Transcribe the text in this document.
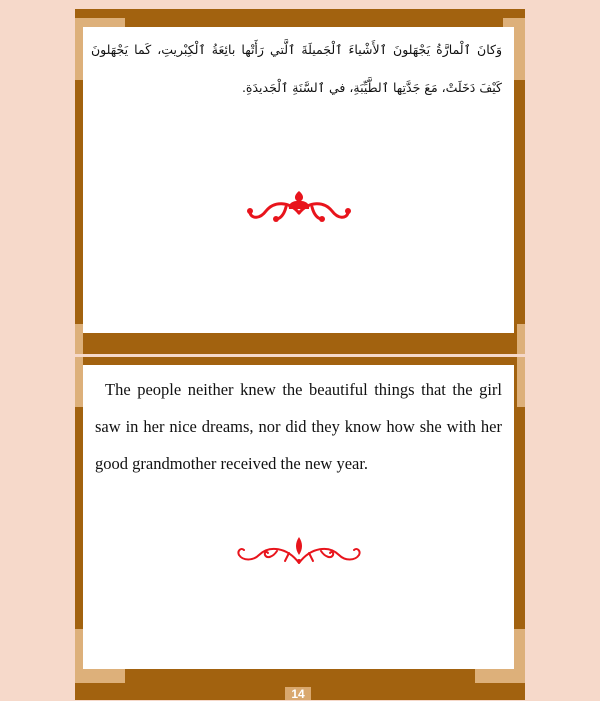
وَكانَ ٱلْمارَّةُ يَجْهَلونَ ٱلأَشْياءَ ٱلْجَميلَةَ ٱلَّتي رَأَتْها بائِعَةُ ٱلْكِبْريتِ، كَما يَجْهَلونَ كَيْفَ دَخَلَتْ، مَعَ جَدَّتِها ٱلطَّيِّبَةِ، في ٱلسَّنَةِ ٱلْجَديدَةِ.
The people neither knew the beautiful things that the girl saw in her nice dreams, nor did they know how she with her good grandmother received the new year.
14
